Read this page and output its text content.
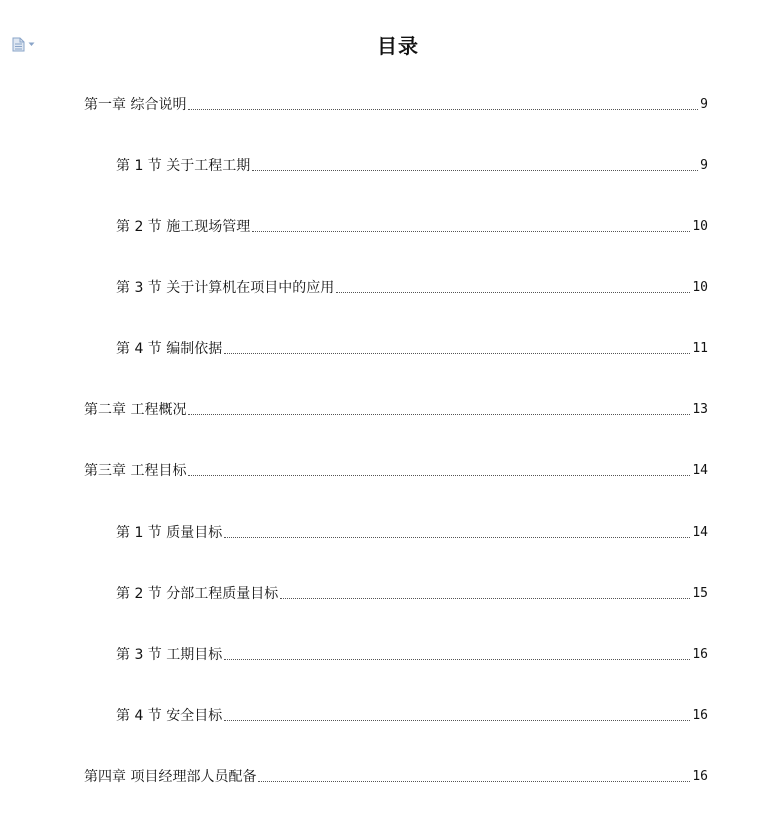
目录
第一章 综合说明	9
第 1 节 关于工程工期	9
第 2 节 施工现场管理	10
第 3 节 关于计算机在项目中的应用	10
第 4 节 编制依据	11
第二章 工程概况	13
第三章 工程目标	14
第 1 节 质量目标	14
第 2 节 分部工程质量目标	15
第 3 节 工期目标	16
第 4 节 安全目标	16
第四章 项目经理部人员配备	16
